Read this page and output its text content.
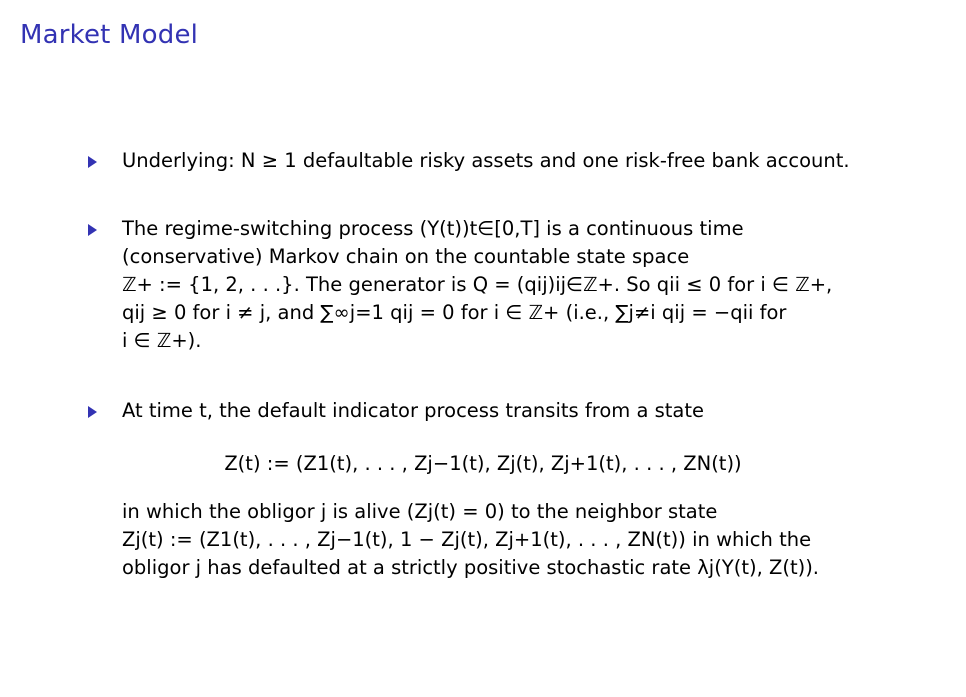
Market Model
Underlying: N ≥ 1 defaultable risky assets and one risk-free bank account.
The regime-switching process (Y(t))t∈[0,T] is a continuous time
(conservative) Markov chain on the countable state space
ℤ+ := {1, 2, . . .}. The generator is Q = (qij)ij∈ℤ+. So qii ≤ 0 for i ∈ ℤ+,
qij ≥ 0 for i ≠ j, and ∑∞j=1 qij = 0 for i ∈ ℤ+ (i.e., ∑j≠i qij = −qii for
i ∈ ℤ+).
At time t, the default indicator process transits from a state
Z(t) := (Z1(t), . . . , Zj−1(t), Zj(t), Zj+1(t), . . . , ZN(t))
in which the obligor j is alive (Zj(t) = 0) to the neighbor state
Zj(t) := (Z1(t), . . . , Zj−1(t), 1 − Zj(t), Zj+1(t), . . . , ZN(t)) in which the
obligor j has defaulted at a strictly positive stochastic rate λj(Y(t), Z(t)).
